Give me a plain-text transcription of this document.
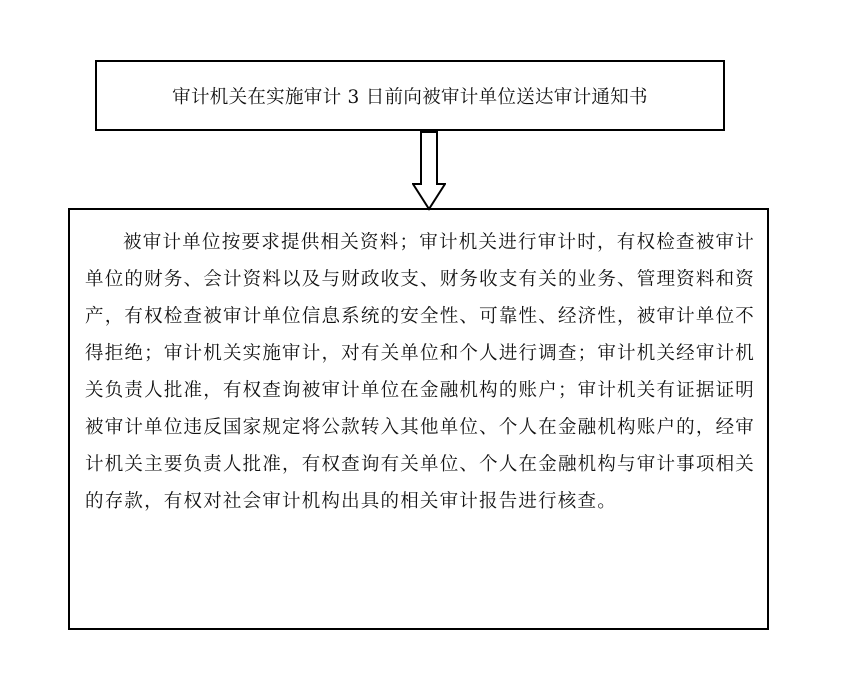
审计机关在实施审计 3 日前向被审计单位送达审计通知书

被审计单位按要求提供相关资料；审计机关进行审计时，有权检查被审计单位的财务、会计资料以及与财政收支、财务收支有关的业务、管理资料和资产，有权检查被审计单位信息系统的安全性、可靠性、经济性，被审计单位不得拒绝；审计机关实施审计，对有关单位和个人进行调查；审计机关经审计机关负责人批准，有权查询被审计单位在金融机构的账户；审计机关有证据证明被审计单位违反国家规定将公款转入其他单位、个人在金融机构账户的，经审计机关主要负责人批准，有权查询有关单位、个人在金融机构与审计事项相关的存款，有权对社会审计机构出具的相关审计报告进行核查。
